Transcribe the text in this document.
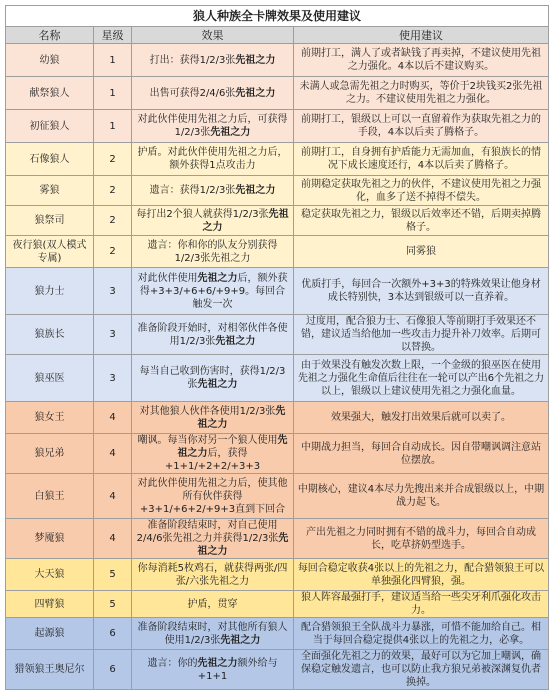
狼人种族全卡牌效果及使用建议			
名称	星级	效果	使用建议
幼狼	1	打出：获得1/2/3张先祖之力	前期打工，满人了或者缺钱了再卖掉，不建议使用先祖之力强化。4本以后不建议购买。
献祭狼人	1	出售可获得2/4/6张先祖之力	未满人或急需先祖之力时购买，等价于2块钱买2张先祖之力。不建议使用先祖之力强化。
初征狼人	1	对此伙伴使用先祖之力后，可获得1/2/3张先祖之力	前期打工，银级以上可以一直留着作为获取先祖之力的手段，4本以后卖了腾格子。
石像狼人	2	护盾。对此伙伴使用先祖之力后，额外获得1点攻击力	前期打工，自身拥有护盾能力无需加血，有狼族长的情况下成长速度还行，4本以后卖了腾格子。
雾狼	2	遗言：获得1/2/3张先祖之力	前期稳定获取先祖之力的伙伴，不建议使用先祖之力强化，血多了送不掉得不偿失。
狼祭司	2	每打出2个狼人就获得1/2/3张先祖之力	稳定获取先祖之力，银级以后效率还不错，后期卖掉腾格子。
夜行狼(双人模式专属)	2	遗言：你和你的队友分别获得1/2/3张先祖之力	同雾狼
狼力士	3	对此伙伴使用先祖之力后，额外获得+3+3/+6+6/+9+9。每回合触发一次	优质打手，每回合一次额外+3+3的特殊效果让他身材成长特别快，3本达到银级可以一直养着。
狼族长	3	准备阶段开始时，对相邻伙伴各使用1/2/3张先祖之力	过度用，配合狼力士、石像狼人等前期打手效果还不错，建议适当给他加一些攻击力提升补刀效率。后期可以替换。
狼巫医	3	每当自己收到伤害时，获得1/2/3张先祖之力	由于效果没有触发次数上限，一个金级的狼巫医在使用先祖之力强化生命值后往往在一轮可以产出6个先祖之力以上，银级以上建议使用先祖之力强化血量。
狼女王	4	对其他狼人伙伴各使用1/2/3张先祖之力	效果强大，触发打出效果后就可以卖了。
狼兄弟	4	嘲讽。每当你对另一个狼人使用先祖之力后，获得+1+1/+2+2/+3+3	中期战力担当，每回合自动成长。因自带嘲讽调注意站位摆放。
白狼王	4	对此伙伴使用先祖之力后，使其他所有伙伴获得+3+1/+6+2/+9+3直到下回合	中期核心，建议4本尽力先搜出来并合成银级以上，中期战力起飞。
梦魇狼	4	准备阶段结束时，对自己使用2/4/6张先祖之力并获得1/2/3张先祖之力	产出先祖之力同时拥有不错的战斗力，每回合自动成长，吃草挤奶型选手。
大天狼	5	你每消耗5枚鸡石，就获得两张/四张/六张先祖之力	每回合稳定收获4张以上的先祖之力，配合猎领狼王可以单独强化四臂狼，强。
四臂狼	5	护盾，贯穿	狼人阵容最强打手，建议适当给一些尖牙利爪强化攻击力。
起源狼	6	准备阶段结束时，对其他所有狼人使用1/2/3张先祖之力	配合猎领狼王全队战斗力暴涨，可惜不能加给自己。相当于每回合稳定提供4张以上的先祖之力，必拿。
猎领狼王奥尼尔	6	遗言：你的先祖之力额外给与+1+1	全面强化先祖之力的效果，最好可以为它加上嘲讽，确保稳定触发遗言，也可以防止我方狼兄弟被深渊复仇者换掉。
